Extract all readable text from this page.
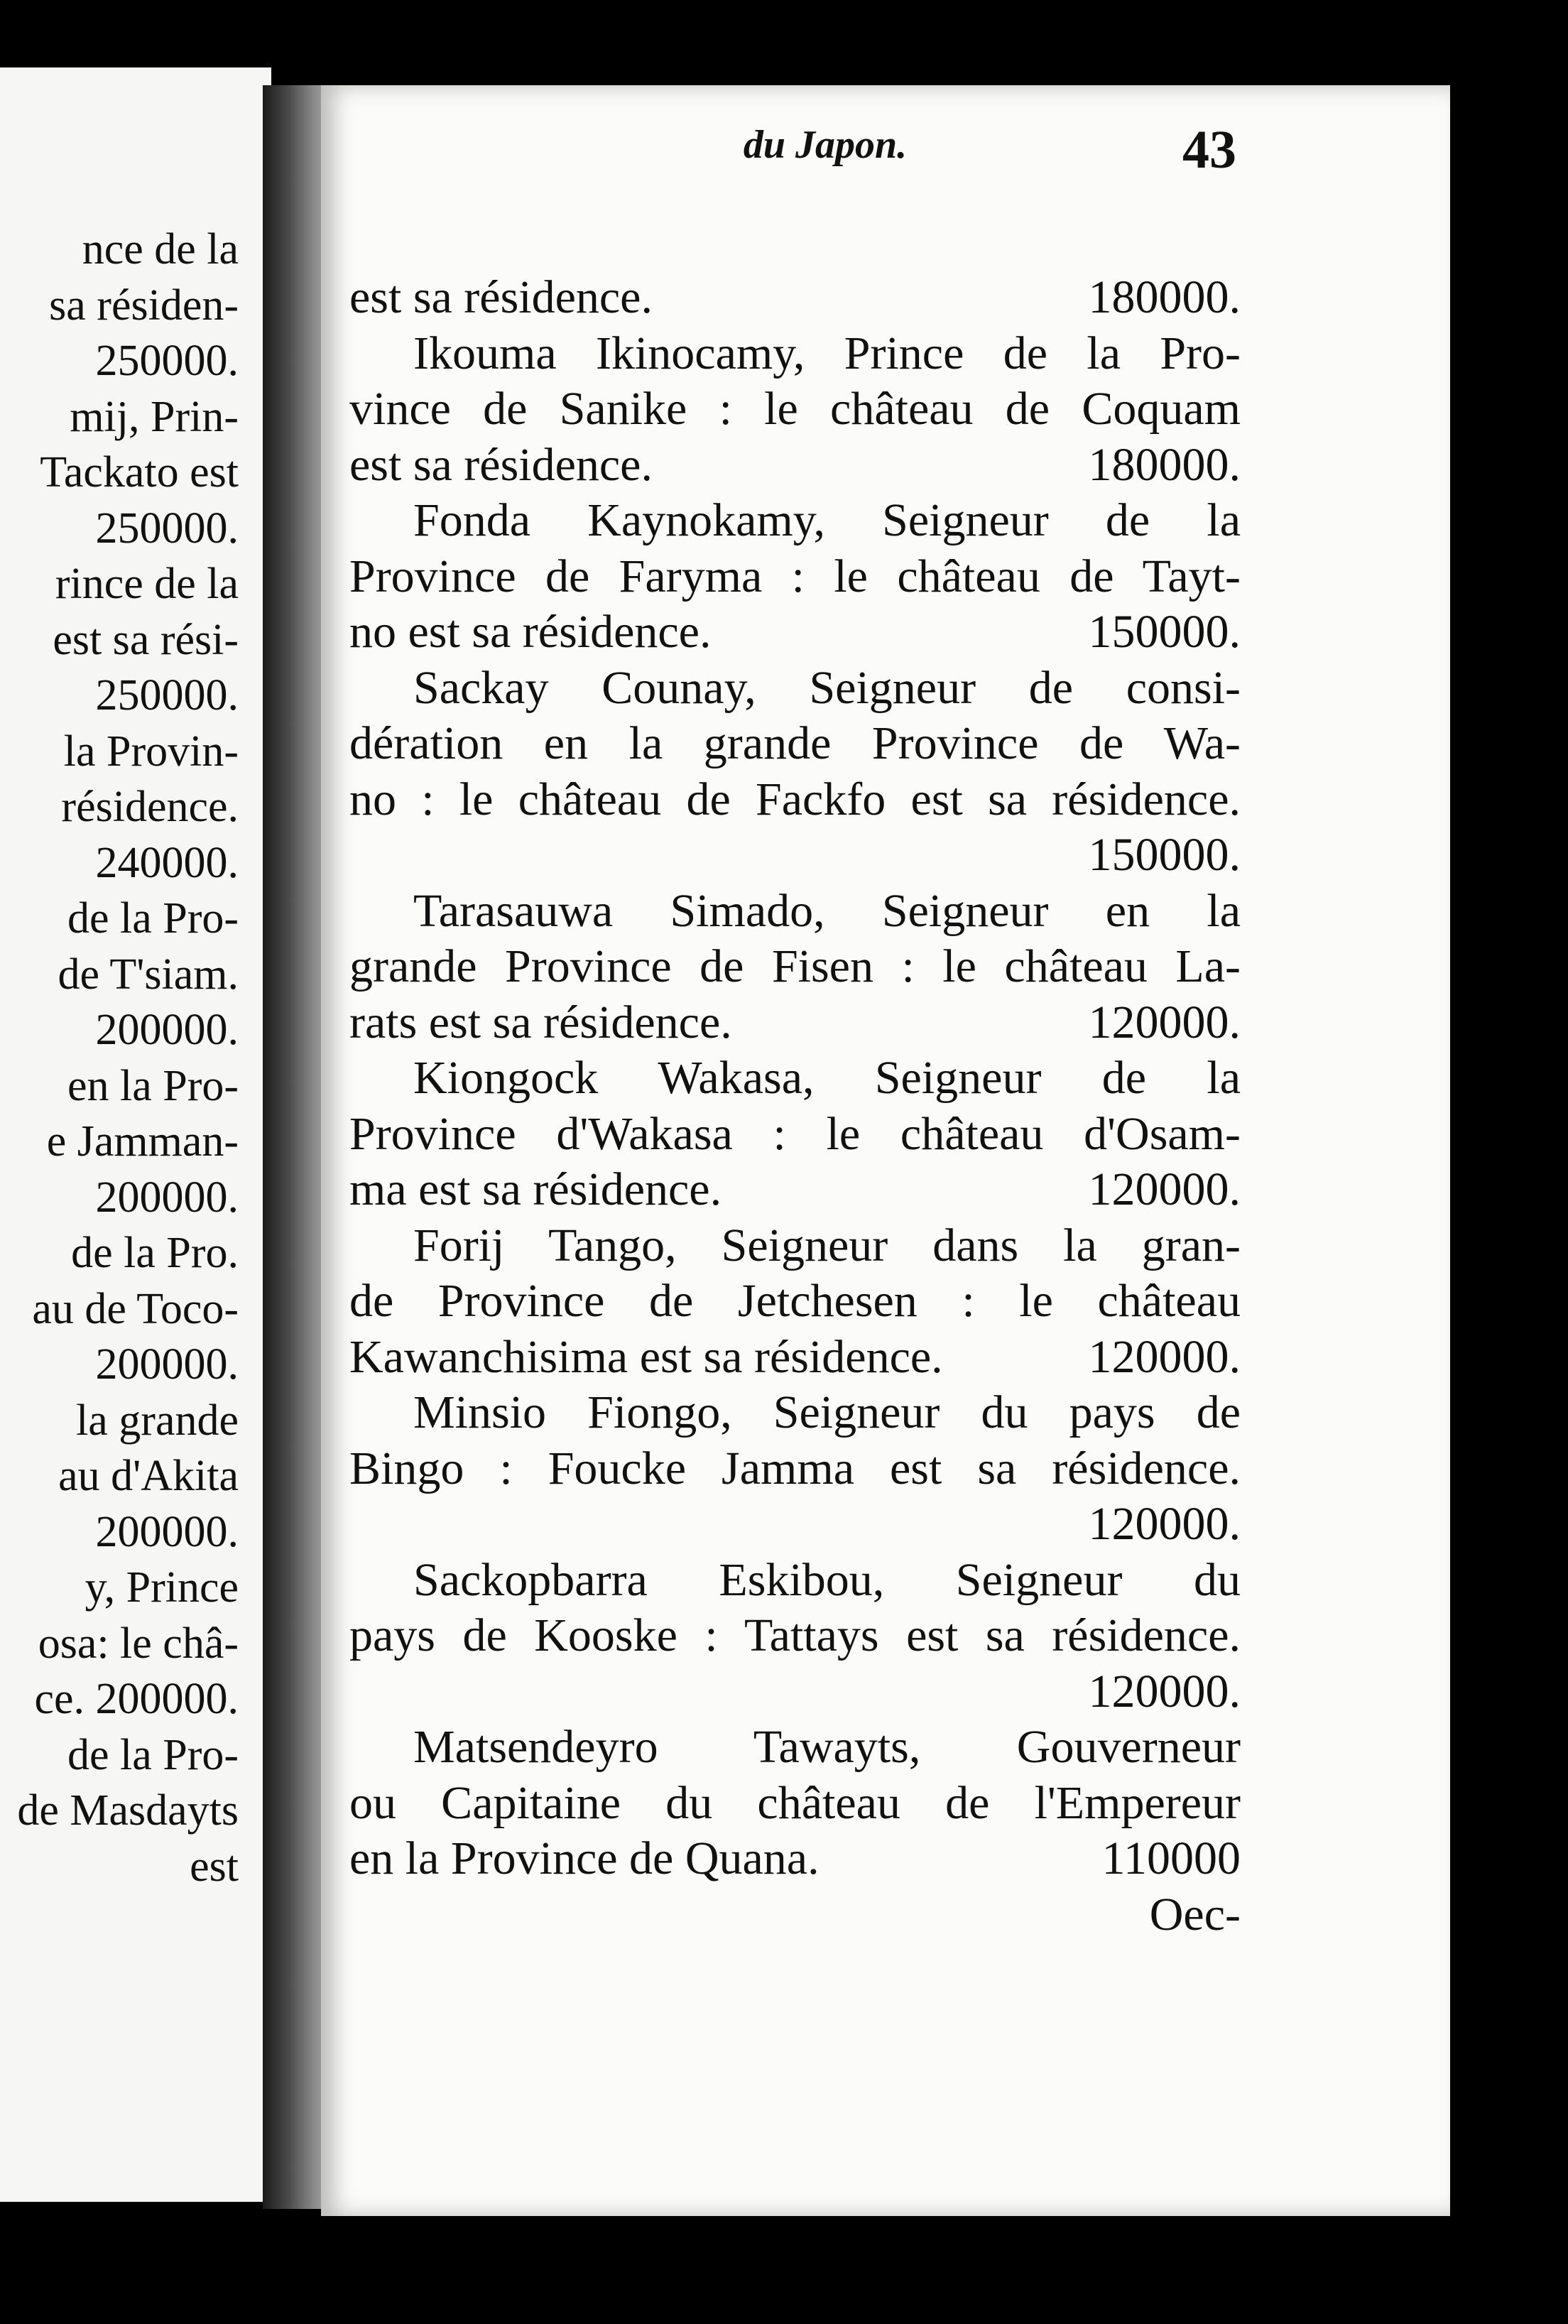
nce de la
sa résiden-
250000.
mij, Prin-
Tackato est
250000.
rince de la
est sa rési-
250000.
la Provin-
résidence.
240000.
de la Pro-
de T'siam.
200000.
en la Pro-
e Jamman-
200000.
de la Pro.
au de Toco-
200000.
la grande
au d'Akita
200000.
y, Prince
osa: le châ-
ce. 200000.
de la Pro-
de Masdayts
est
du Japon.	43
est sa résidence.	180000.
Ikouma Ikinocamy, Prince de la Pro-
vince de Sanike : le château de Coquam
est sa résidence.	180000.
Fonda Kaynokamy, Seigneur de la
Province de Faryma : le château de Tayt-
no est sa résidence.	150000.
Sackay Counay, Seigneur de consi-
dération en la grande Province de Wa-
no : le château de Fackfo est sa résidence.
150000.
Tarasauwa Simado, Seigneur en la
grande Province de Fisen : le château La-
rats est sa résidence.	120000.
Kiongock Wakasa, Seigneur de la
Province d'Wakasa : le château d'Osam-
ma est sa résidence.	120000.
Forij Tango, Seigneur dans la gran-
de Province de Jetchesen : le château
Kawanchisima est sa résidence.	120000.
Minsio Fiongo, Seigneur du pays de
Bingo : Foucke Jamma est sa résidence.
120000.
Sackopbarra Eskibou, Seigneur du
pays de Kooske : Tattays est sa résidence.
120000.
Matsendeyro Tawayts, Gouverneur
ou Capitaine du château de l'Empereur
en la Province de Quana.	110000
Oec-
